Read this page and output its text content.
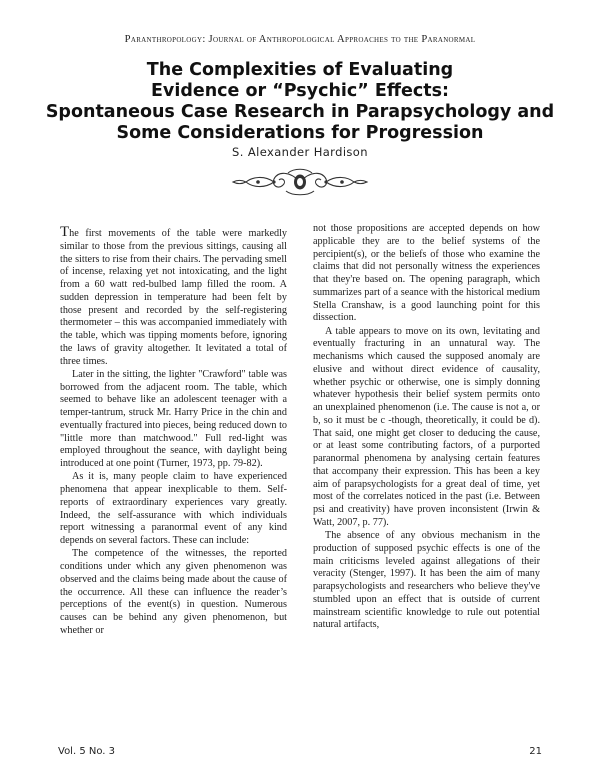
Paranthropology: Journal of Anthropological Approaches to the Paranormal
The Complexities of Evaluating
Evidence or “Psychic” Effects:
Spontaneous Case Research in Parapsychology and
Some Considerations for Progression
S. Alexander Hardison

The first movements of the table were markedly similar to those from the previous sittings, causing all the sitters to rise from their chairs. The pervading smell of incense, relaxing yet not intoxicating, and the light from a 60 watt red-bulbed lamp filled the room. A sudden depression in temperature had been felt by those present and recorded by the self-registering thermometer – this was accompanied immediately with the table, which was tipping moments before, ignoring the laws of gravity altogether. It levitated a total of three times.

Later in the sitting, the lighter "Crawford" table was borrowed from the adjacent room. The table, which seemed to behave like an adolescent teenager with a temper-tantrum, struck Mr. Harry Price in the chin and eventually fractured into pieces, being reduced down to "little more than matchwood." Full red-light was employed throughout the seance, with daylight being introduced at one point (Turner, 1973, pp. 79-82).

As it is, many people claim to have experienced phenomena that appear inexplicable to them. Self-reports of extraordinary experiences vary greatly. Indeed, the self-assurance with which individuals report witnessing a paranormal event of any kind depends on several factors. These can include:

The competence of the witnesses, the reported conditions under which any given phenomenon was observed and the claims being made about the cause of the occurrence. All these can influence the reader’s perceptions of the event(s) in question. Numerous causes can be behind any given phenomenon, but whether or

not those propositions are accepted depends on how applicable they are to the belief systems of the percipient(s), or the beliefs of those who examine the claims that did not personally witness the experiences that they're based on. The opening paragraph, which summarizes part of a seance with the historical medium Stella Cranshaw, is a good launching point for this dissection.

A table appears to move on its own, levitating and eventually fracturing in an unnatural way. The mechanisms which caused the supposed anomaly are elusive and without direct evidence of causality, whether psychic or otherwise, one is simply donning whatever hypothesis their belief system permits onto an unexplained phenomenon (i.e. The cause is not a, or b, so it must be c -though, theoretically, it could be d). That said, one might get closer to deducing the cause, or at least some contributing factors, of a purported paranormal phenomena by analysing certain features that accompany their expression. This has been a key aim of parapsychologists for a great deal of time, yet most of the correlates noticed in the past (i.e. Between psi and creativity) have proven inconsistent (Irwin & Watt, 2007, p. 77).

The absence of any obvious mechanism in the production of supposed psychic effects is one of the main criticisms leveled against allegations of their veracity (Stenger, 1997). It has been the aim of many parapsychologists and researchers who believe they've stumbled upon an effect that is outside of current mainstream scientific knowledge to rule out potential natural artifacts,

Vol. 5 No. 3	21
